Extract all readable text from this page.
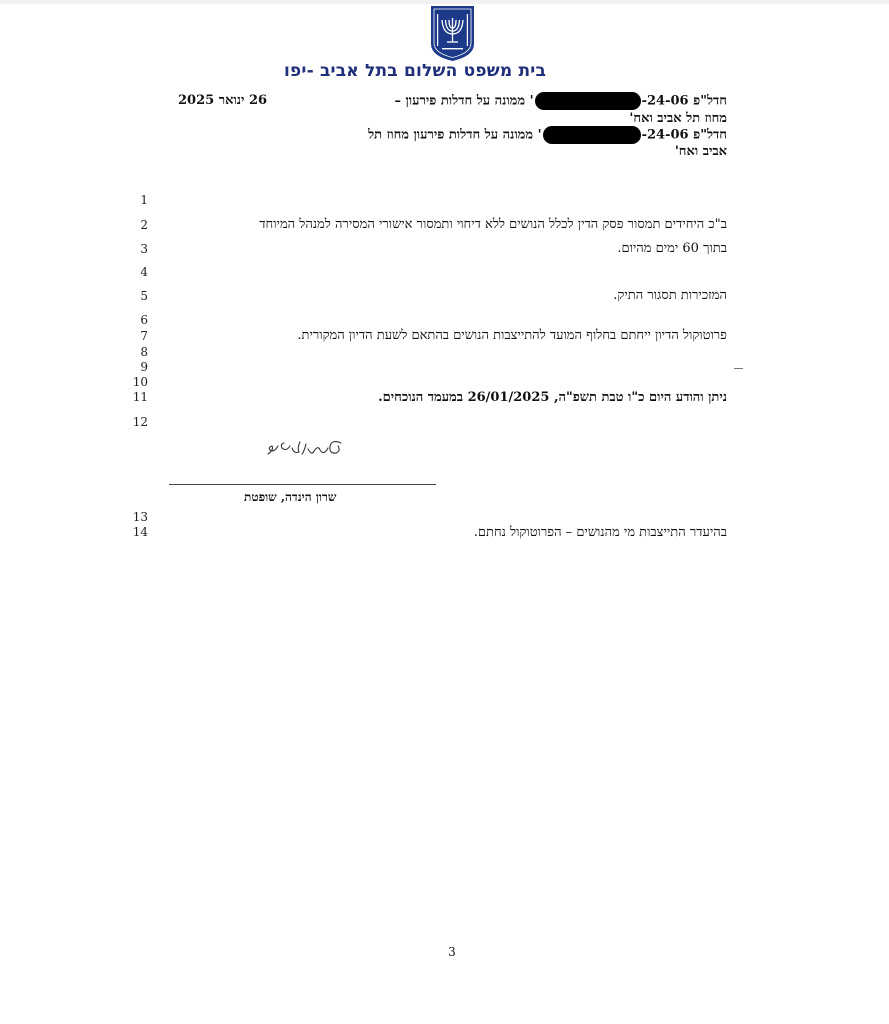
בית משפט השלום בתל אביב -יפו
חדל"פ 24-06-' ממונה על חדלות פירעון –
מחוז תל אביב ואח'
חדל"פ 24-06-' ממונה על חדלות פירעון מחוז תל
אביב ואח'
26 ינואר 2025
1
2
3
4
5
6
7
8
9
10
11
12
13
14
ב"כ היחידים תמסור פסק הדין לכלל הנושים ללא דיחוי ותמסור אישורי המסירה למנהל המיוחד
בתוך 60 ימים מהיום.
המזכירות תסגור התיק.
פרוטוקול הדיון ייחתם בחלוף המועד להתייצבות הנושים בהתאם לשעת הדיון המקורית.
ניתן והודע היום כ"ו טבת תשפ"ה, 26/01/2025 במעמד הנוכחים.
שרון הינדה, שופטת
בהיעדר התייצבות מי מהנושים – הפרוטוקול נחתם.
3
